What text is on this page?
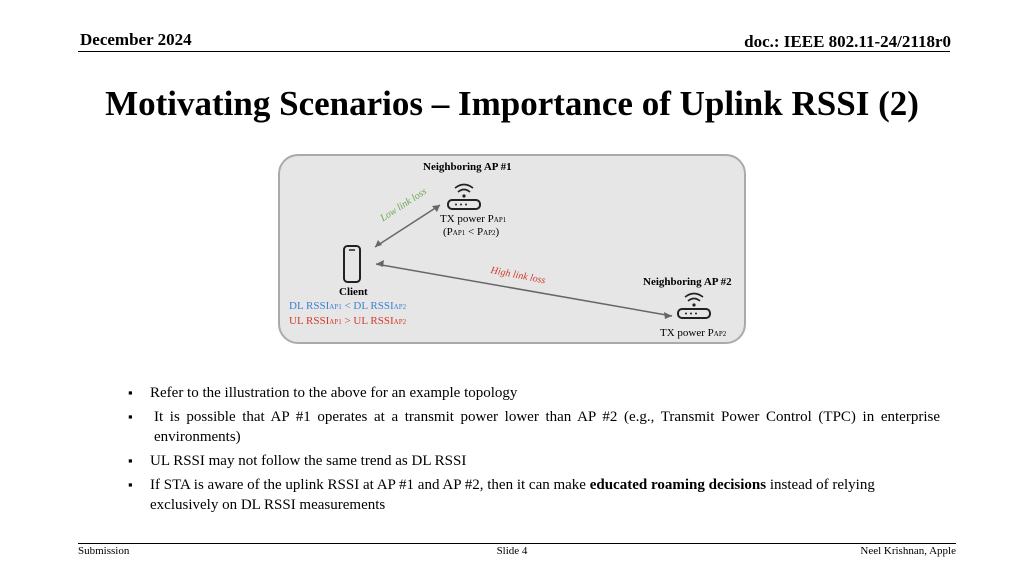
December 2024	doc.: IEEE 802.11-24/2118r0
Motivating Scenarios – Importance of Uplink RSSI (2)
Neighboring AP #1
TX power PAP1
(PAP1 < PAP2)
Low link loss
High link loss
Client
DL RSSIAP1 < DL RSSIAP2
UL RSSIAP1 > UL RSSIAP2
Neighboring AP #2
TX power PAP2
▪ Refer to the illustration to the above for an example topology
▪ It is possible that AP #1 operates at a transmit power lower than AP #2 (e.g., Transmit Power Control (TPC) in enterprise environments)
▪ UL RSSI may not follow the same trend as DL RSSI
▪ If STA is aware of the uplink RSSI at AP #1 and AP #2, then it can make educated roaming decisions instead of relying exclusively on DL RSSI measurements
Submission	Slide 4	Neel Krishnan, Apple
